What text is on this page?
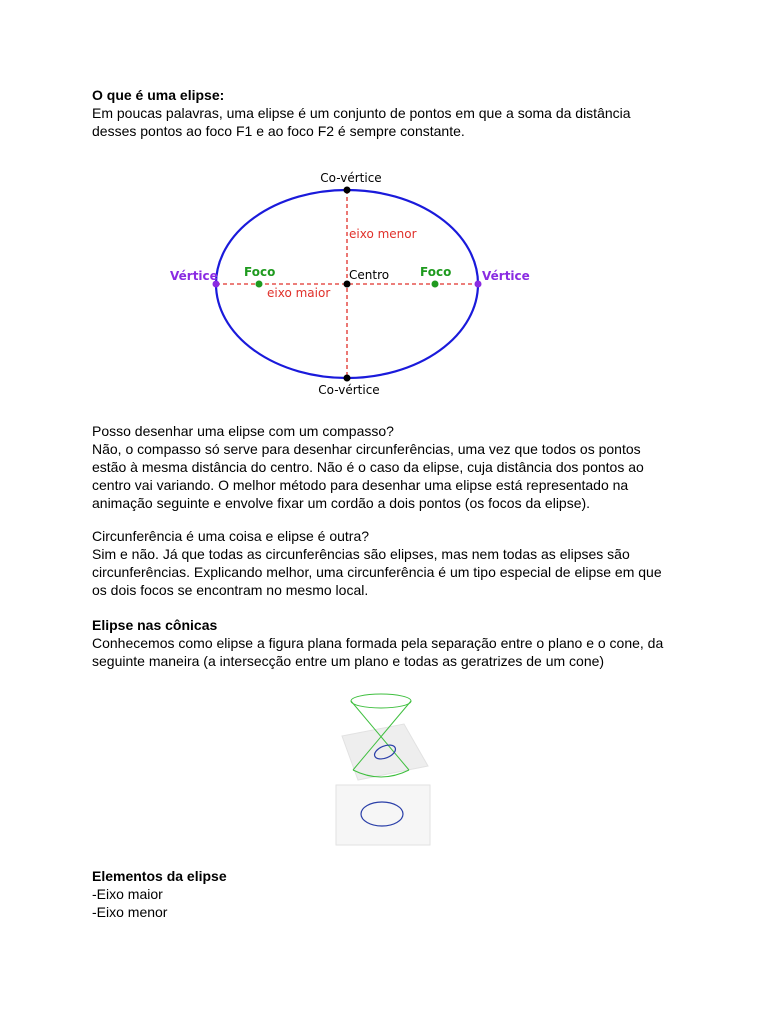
O que é uma elipse:

Em poucas palavras, uma elipse é um conjunto de pontos em que a soma da distância

desses pontos ao foco F1 e ao foco F2 é sempre constante.

Co-vértice
Co-vértice
Vértice	Vértice
Foco	Foco
Centro
eixo menor
eixo maior

Posso desenhar uma elipse com um compasso?

Não, o compasso só serve para desenhar circunferências, uma vez que todos os pontos

estão à mesma distância do centro. Não é o caso da elipse, cuja distância dos pontos ao

centro vai variando. O melhor método para desenhar uma elipse está representado na

animação seguinte e envolve fixar um cordão a dois pontos (os focos da elipse).

Circunferência é uma coisa e elipse é outra?

Sim e não. Já que todas as circunferências são elipses, mas nem todas as elipses são

circunferências. Explicando melhor, uma circunferência é um tipo especial de elipse em que

os dois focos se encontram no mesmo local.

Elipse nas cônicas

Conhecemos como elipse a figura plana formada pela separação entre o plano e o cone, da

seguinte maneira (a intersecção entre um plano e todas as geratrizes de um cone)

Elementos da elipse

-Eixo maior

-Eixo menor
